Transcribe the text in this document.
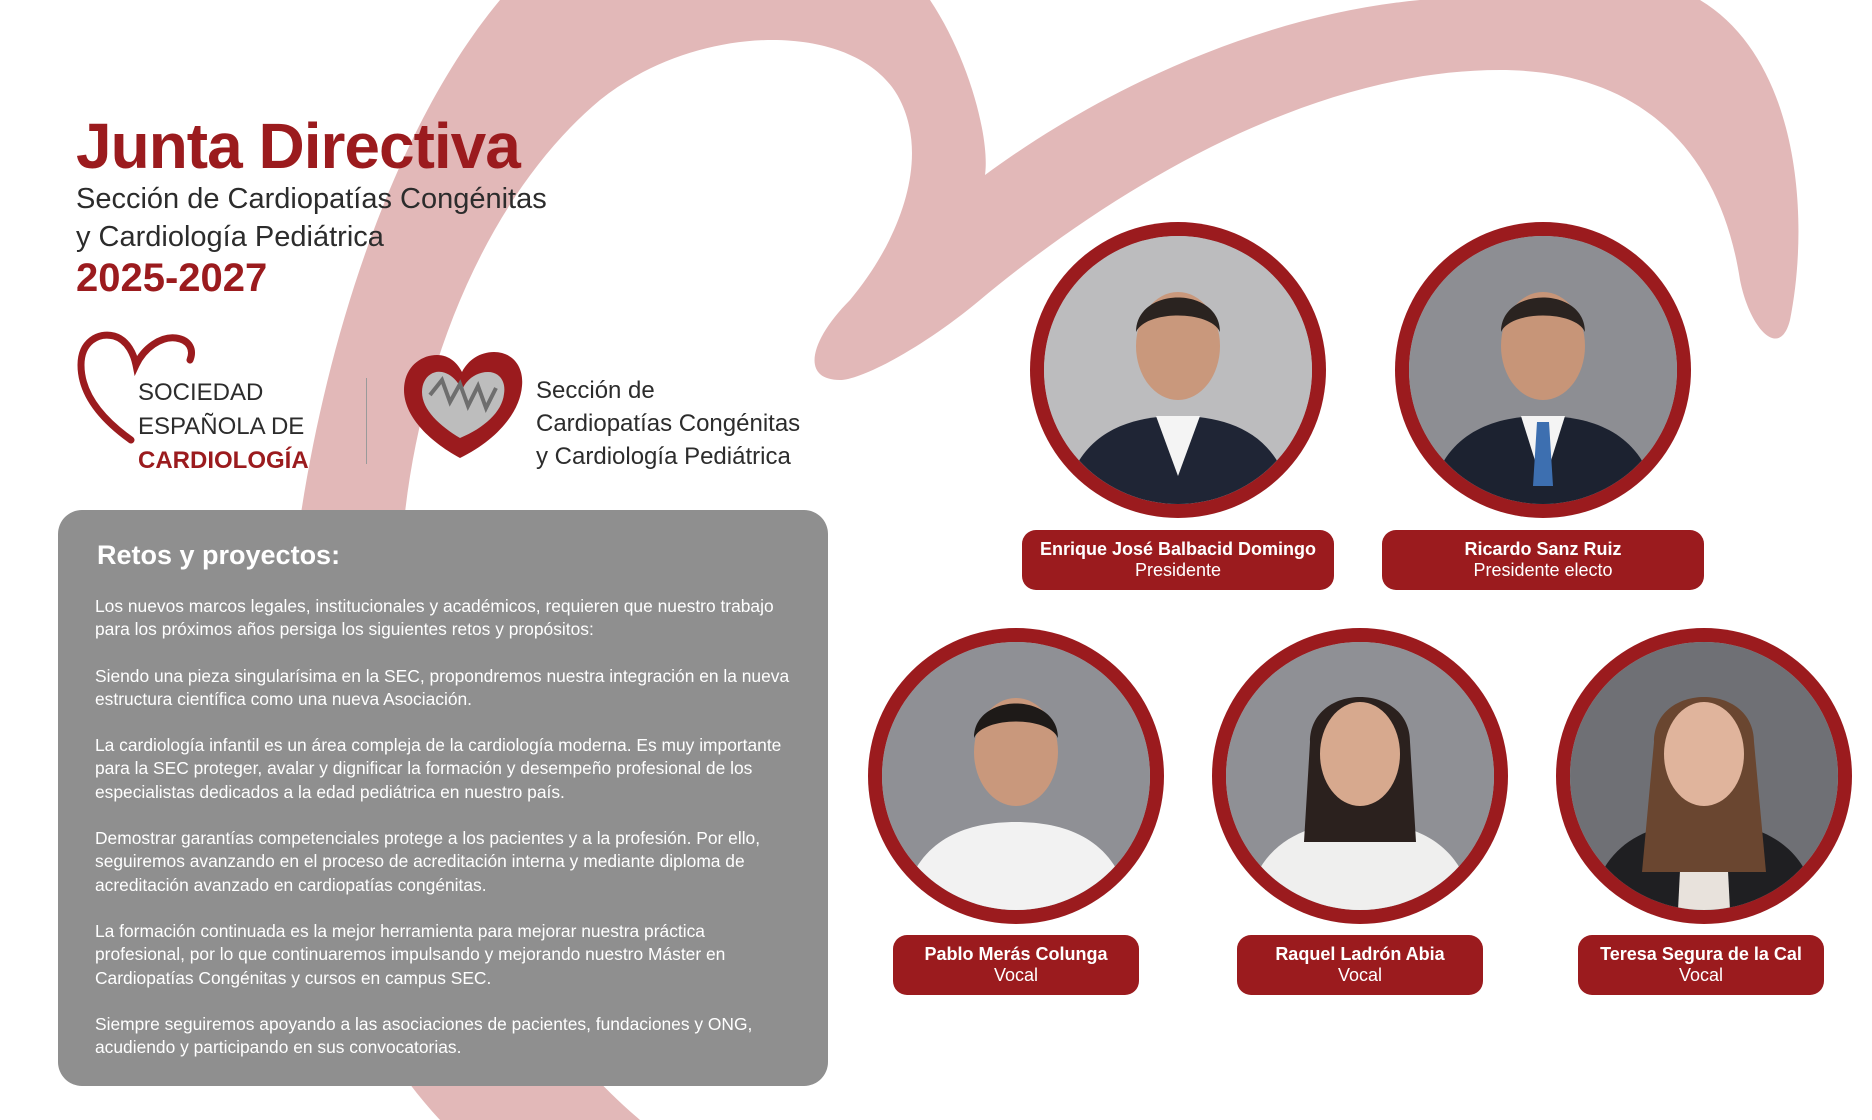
Junta Directiva

Sección de Cardiopatías Congénitas

y Cardiología Pediátrica

2025-2027

SOCIEDAD
ESPAÑOLA DE
CARDIOLOGÍA
Sección de
Cardiopatías Congénitas
y Cardiología Pediátrica
Retos y proyectos:

Los nuevos marcos legales, institucionales y académicos, requieren que nuestro trabajo para los próximos años persiga los siguientes retos y propósitos:

Siendo una pieza singularísima en la SEC, propondremos nuestra integración en la nueva estructura científica como una nueva Asociación.

La cardiología infantil es un área compleja de la cardiología moderna. Es muy importante para la SEC proteger, avalar y dignificar la formación y desempeño profesional de los especialistas dedicados a la edad pediátrica en nuestro país.

Demostrar garantías competenciales protege a los pacientes y a la profesión. Por ello, seguiremos avanzando en el proceso de acreditación interna y mediante diploma de acreditación avanzado en cardiopatías congénitas.

La formación continuada es la mejor herramienta para mejorar nuestra práctica profesional, por lo que continuaremos impulsando y mejorando nuestro Máster en Cardiopatías Congénitas y cursos en campus SEC.

Siempre seguiremos apoyando a las asociaciones de pacientes, fundaciones y ONG, acudiendo y participando en sus convocatorias.

Enrique José Balbacid Domingo
Presidente
Ricardo Sanz Ruiz
Presidente electo
Pablo Merás Colunga
Vocal
Raquel Ladrón Abia
Vocal
Teresa Segura de la Cal
Vocal
